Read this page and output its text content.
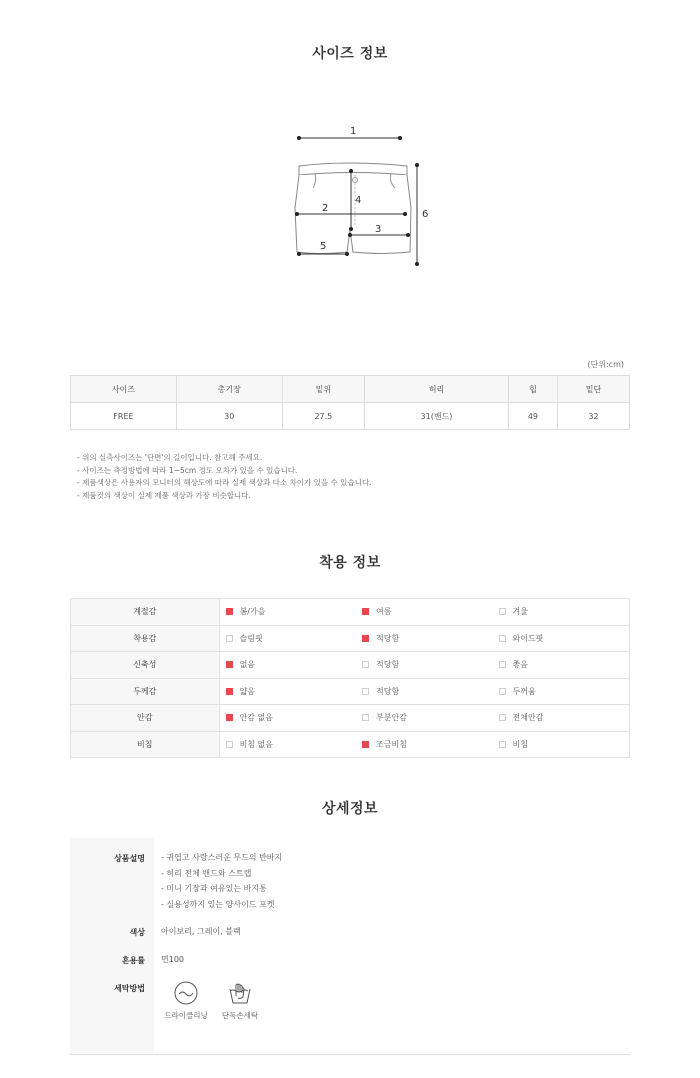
사이즈 정보
1
2
3
4
5
6
(단위:cm)
사이즈	총기장	밑위	허리	힙	밑단
FREE	30	27.5	31(밴드)	49	32
- 위의 실측사이즈는 '단면'의 길이입니다. 참고해 주세요.
- 사이즈는 측정방법에 따라 1~5cm 정도 오차가 있을 수 있습니다.
- 제품색상은 사용자의 모니터의 해상도에 따라 실제 색상과 다소 차이가 있을 수 있습니다.
- 제품컷의 색상이 실제 제품 색상과 가장 비슷합니다.
착용 정보
계절감	봄/가을	여름	겨울
착용감	슬림핏	적당함	와이드핏
신축성	없음	적당함	좋음
두께감	얇음	적당함	두꺼움
안감	안감 없음	부분안감	전체안감
비침	비침 없음	조금비침	비침
상세정보
상품설명 - 귀엽고 사랑스러운 무드의 반바지
- 허리 전체 밴드와 스트랩
- 미니 기장과 여유있는 바지통
- 실용성까지 있는 양사이드 포켓
색상 아이보리, 그레이, 블랙
혼용률 면100
세탁방법
드라이클리닝 단독손세탁
